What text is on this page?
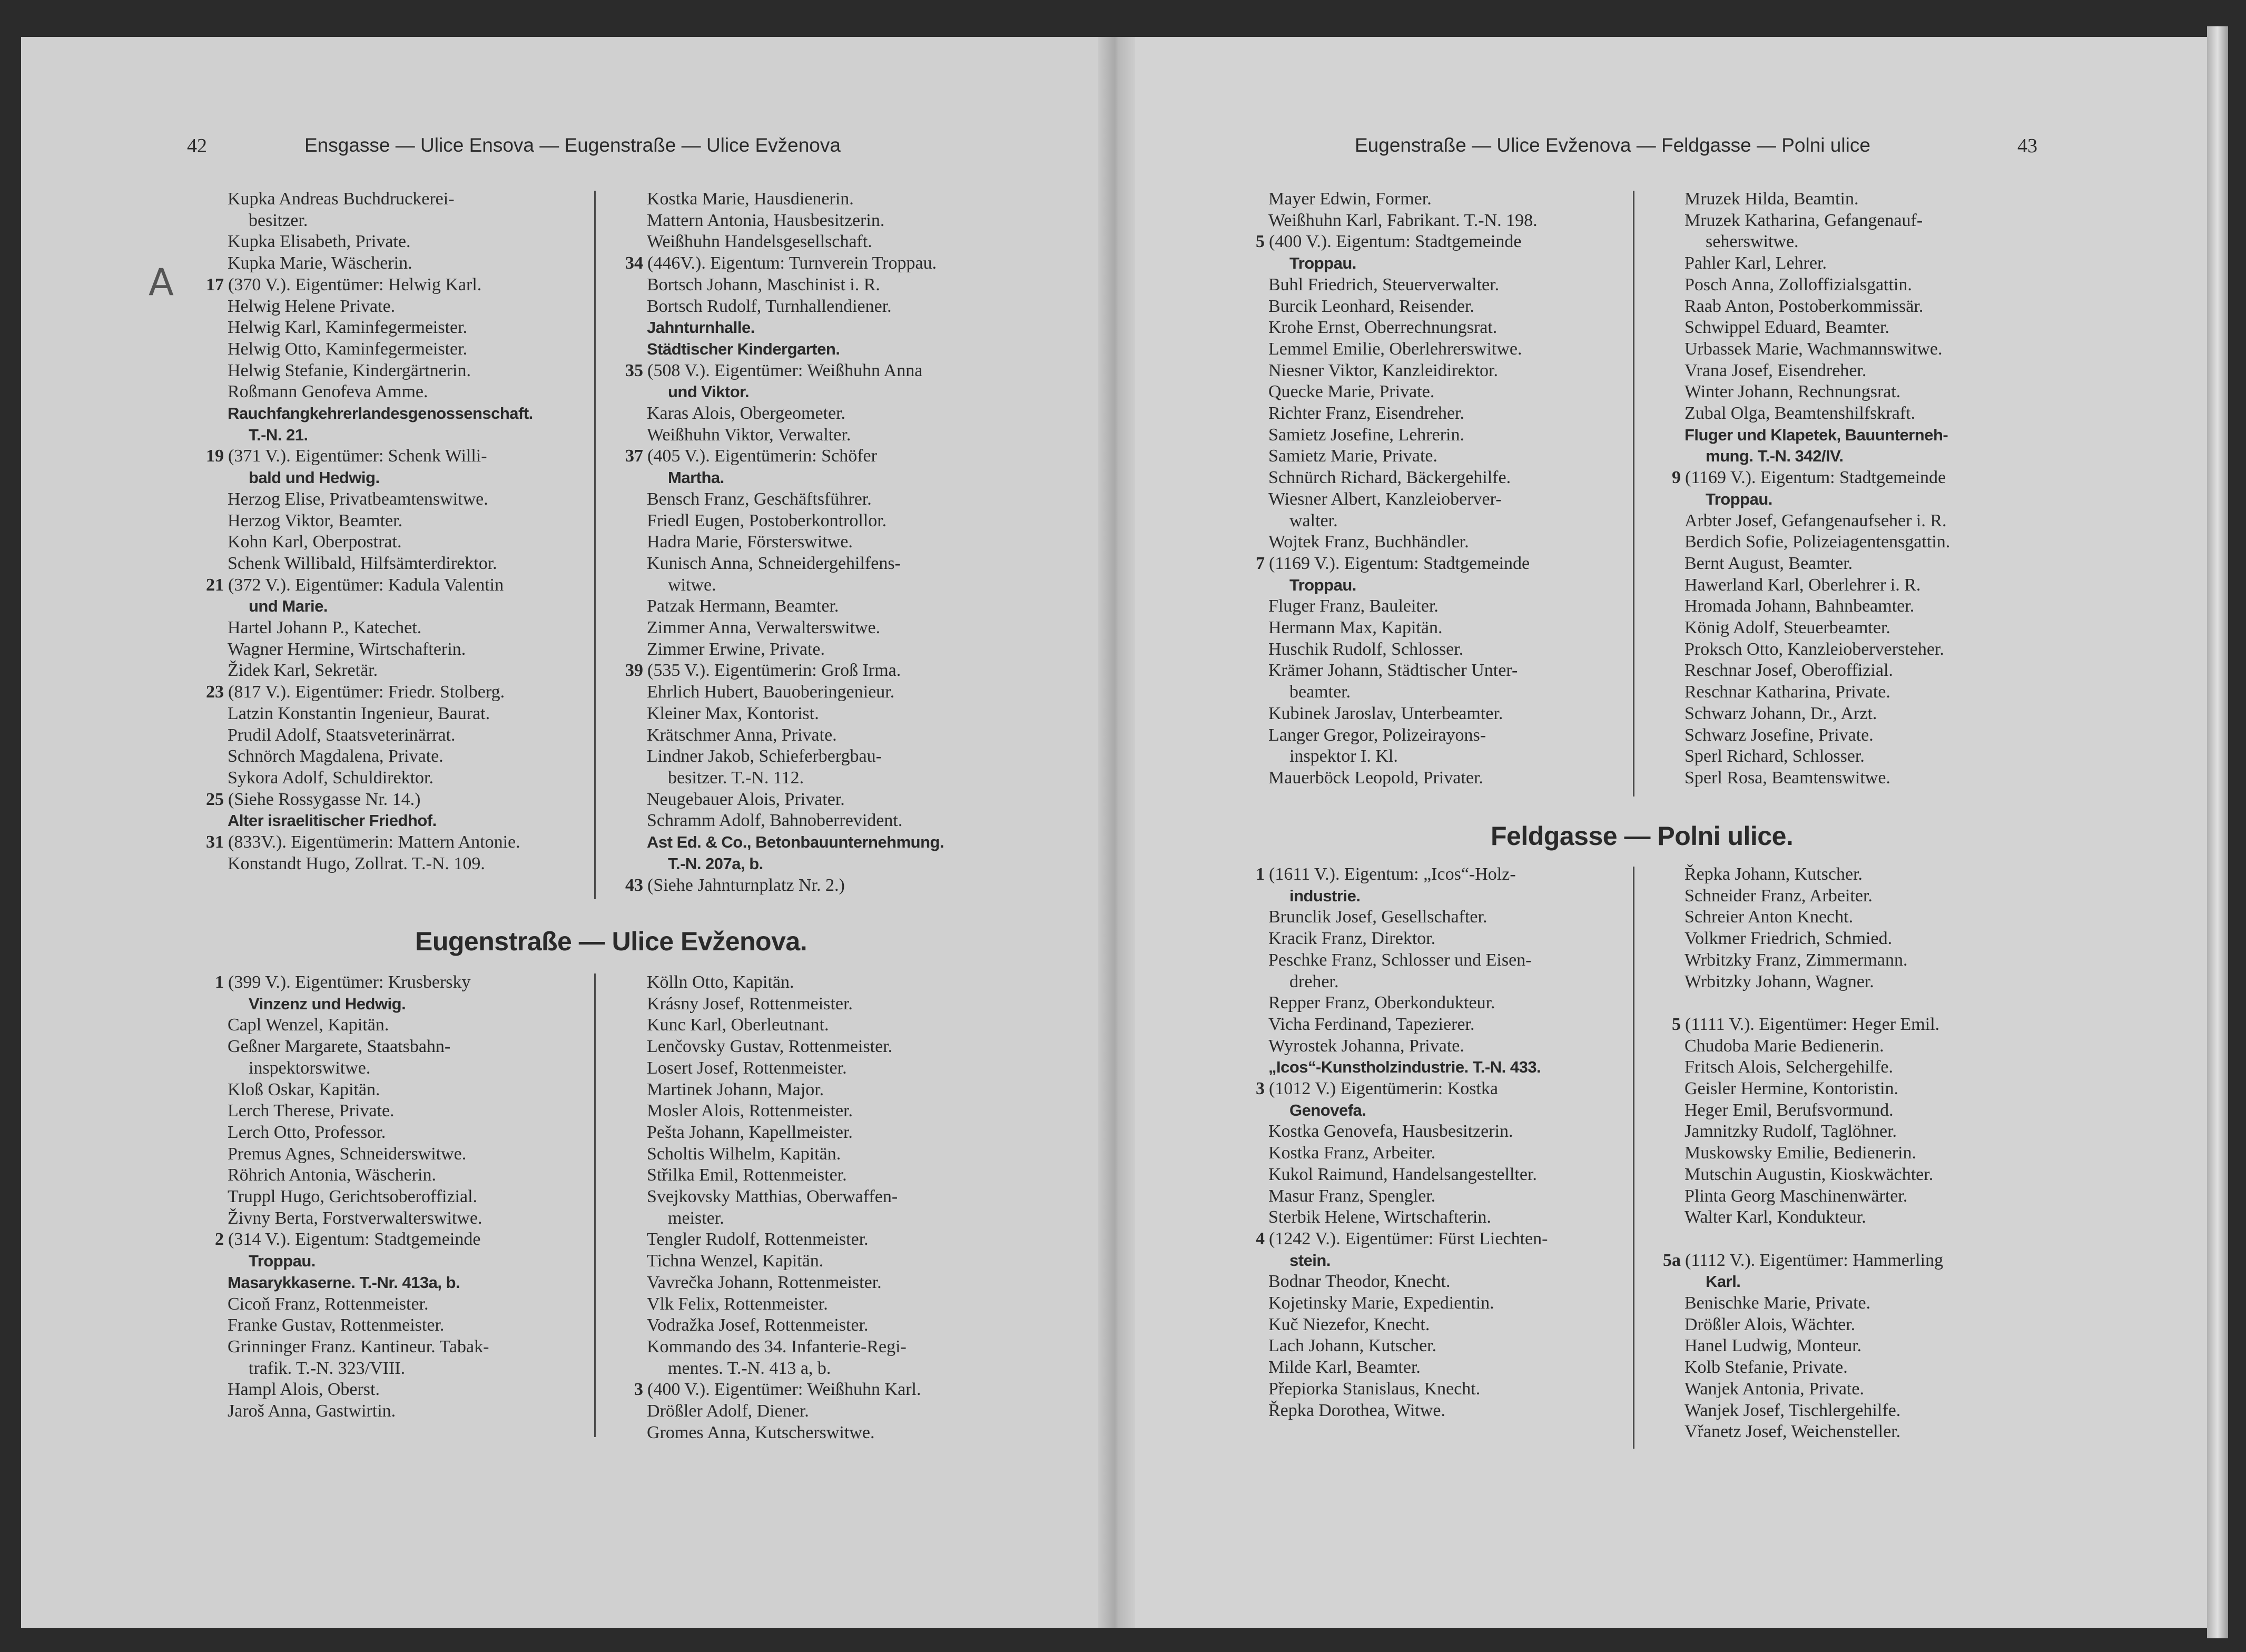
42	Ensgasse — Ulice Ensova — Eugenstraße — Ulice Evženova
A
Kupka Andreas Buchdruckerei-
besitzer.
Kupka Elisabeth, Private.
Kupka Marie, Wäscherin.
17 (370 V.). Eigentümer: Helwig Karl.
Helwig Helene Private.
Helwig Karl, Kaminfegermeister.
Helwig Otto, Kaminfegermeister.
Helwig Stefanie, Kindergärtnerin.
Roßmann Genofeva Amme.
Rauchfangkehrerlandesgenossenschaft.
T.-N. 21.
19 (371 V.). Eigentümer: Schenk Willi-
bald und Hedwig.
Herzog Elise, Privatbeamtenswitwe.
Herzog Viktor, Beamter.
Kohn Karl, Oberpostrat.
Schenk Willibald, Hilfsämterdirektor.
21 (372 V.). Eigentümer: Kadula Valentin
und Marie.
Hartel Johann P., Katechet.
Wagner Hermine, Wirtschafterin.
Židek Karl, Sekretär.
23 (817 V.). Eigentümer: Friedr. Stolberg.
Latzin Konstantin Ingenieur, Baurat.
Prudil Adolf, Staatsveterinärrat.
Schnörch Magdalena, Private.
Sykora Adolf, Schuldirektor.
25 (Siehe Rossygasse Nr. 14.)
Alter israelitischer Friedhof.
31 (833V.). Eigentümerin: Mattern Antonie.
Konstandt Hugo, Zollrat. T.-N. 109.
Kostka Marie, Hausdienerin.
Mattern Antonia, Hausbesitzerin.
Weißhuhn Handelsgesellschaft.
34 (446V.). Eigentum: Turnverein Troppau.
Bortsch Johann, Maschinist i. R.
Bortsch Rudolf, Turnhallendiener.
Jahnturnhalle.
Städtischer Kindergarten.
35 (508 V.). Eigentümer: Weißhuhn Anna
und Viktor.
Karas Alois, Obergeometer.
Weißhuhn Viktor, Verwalter.
37 (405 V.). Eigentümerin: Schöfer
Martha.
Bensch Franz, Geschäftsführer.
Friedl Eugen, Postoberkontrollor.
Hadra Marie, Försterswitwe.
Kunisch Anna, Schneidergehilfens-
witwe.
Patzak Hermann, Beamter.
Zimmer Anna, Verwalterswitwe.
Zimmer Erwine, Private.
39 (535 V.). Eigentümerin: Groß Irma.
Ehrlich Hubert, Bauoberingenieur.
Kleiner Max, Kontorist.
Krätschmer Anna, Private.
Lindner Jakob, Schieferbergbau-
besitzer. T.-N. 112.
Neugebauer Alois, Privater.
Schramm Adolf, Bahnoberrevident.
Ast Ed. & Co., Betonbauunternehmung.
T.-N. 207a, b.
43 (Siehe Jahnturnplatz Nr. 2.)
Eugenstraße — Ulice Evženova.
1 (399 V.). Eigentümer: Krusbersky
Vinzenz und Hedwig.
Capl Wenzel, Kapitän.
Geßner Margarete, Staatsbahn-
inspektorswitwe.
Kloß Oskar, Kapitän.
Lerch Therese, Private.
Lerch Otto, Professor.
Premus Agnes, Schneiderswitwe.
Röhrich Antonia, Wäscherin.
Truppl Hugo, Gerichtsoberoffizial.
Živny Berta, Forstverwalterswitwe.
2 (314 V.). Eigentum: Stadtgemeinde
Troppau.
Masarykkaserne. T.-Nr. 413a, b.
Cicoň Franz, Rottenmeister.
Franke Gustav, Rottenmeister.
Grinninger Franz. Kantineur. Tabak-
trafik. T.-N. 323/VIII.
Hampl Alois, Oberst.
Jaroš Anna, Gastwirtin.
Kölln Otto, Kapitän.
Krásny Josef, Rottenmeister.
Kunc Karl, Oberleutnant.
Lenčovsky Gustav, Rottenmeister.
Losert Josef, Rottenmeister.
Martinek Johann, Major.
Mosler Alois, Rottenmeister.
Pešta Johann, Kapellmeister.
Scholtis Wilhelm, Kapitän.
Střilka Emil, Rottenmeister.
Svejkovsky Matthias, Oberwaffen-
meister.
Tengler Rudolf, Rottenmeister.
Tichna Wenzel, Kapitän.
Vavrečka Johann, Rottenmeister.
Vlk Felix, Rottenmeister.
Vodražka Josef, Rottenmeister.
Kommando des 34. Infanterie-Regi-
mentes. T.-N. 413 a, b.
3 (400 V.). Eigentümer: Weißhuhn Karl.
Drößler Adolf, Diener.
Gromes Anna, Kutscherswitwe.
Eugenstraße — Ulice Evženova — Feldgasse — Polni ulice	43
Mayer Edwin, Former.
Weißhuhn Karl, Fabrikant. T.-N. 198.
5 (400 V.). Eigentum: Stadtgemeinde
Troppau.
Buhl Friedrich, Steuerverwalter.
Burcik Leonhard, Reisender.
Krohe Ernst, Oberrechnungsrat.
Lemmel Emilie, Oberlehrerswitwe.
Niesner Viktor, Kanzleidirektor.
Quecke Marie, Private.
Richter Franz, Eisendreher.
Samietz Josefine, Lehrerin.
Samietz Marie, Private.
Schnürch Richard, Bäckergehilfe.
Wiesner Albert, Kanzleioberver-
walter.
Wojtek Franz, Buchhändler.
7 (1169 V.). Eigentum: Stadtgemeinde
Troppau.
Fluger Franz, Bauleiter.
Hermann Max, Kapitän.
Huschik Rudolf, Schlosser.
Krämer Johann, Städtischer Unter-
beamter.
Kubinek Jaroslav, Unterbeamter.
Langer Gregor, Polizeirayons-
inspektor I. Kl.
Mauerböck Leopold, Privater.
Mruzek Hilda, Beamtin.
Mruzek Katharina, Gefangenauf-
seherswitwe.
Pahler Karl, Lehrer.
Posch Anna, Zolloffizialsgattin.
Raab Anton, Postoberkommissär.
Schwippel Eduard, Beamter.
Urbassek Marie, Wachmannswitwe.
Vrana Josef, Eisendreher.
Winter Johann, Rechnungsrat.
Zubal Olga, Beamtenshilfskraft.
Fluger und Klapetek, Bauunterneh-
mung. T.-N. 342/IV.
9 (1169 V.). Eigentum: Stadtgemeinde
Troppau.
Arbter Josef, Gefangenaufseher i. R.
Berdich Sofie, Polizeiagentensgattin.
Bernt August, Beamter.
Hawerland Karl, Oberlehrer i. R.
Hromada Johann, Bahnbeamter.
König Adolf, Steuerbeamter.
Proksch Otto, Kanzleioberversteher.
Reschnar Josef, Oberoffizial.
Reschnar Katharina, Private.
Schwarz Johann, Dr., Arzt.
Schwarz Josefine, Private.
Sperl Richard, Schlosser.
Sperl Rosa, Beamtenswitwe.
Feldgasse — Polni ulice.
1 (1611 V.). Eigentum: „Icos“-Holz-
industrie.
Brunclik Josef, Gesellschafter.
Kracik Franz, Direktor.
Peschke Franz, Schlosser und Eisen-
dreher.
Repper Franz, Oberkondukteur.
Vicha Ferdinand, Tapezierer.
Wyrostek Johanna, Private.
„Icos“-Kunstholzindustrie. T.-N. 433.
3 (1012 V.) Eigentümerin: Kostka
Genovefa.
Kostka Genovefa, Hausbesitzerin.
Kostka Franz, Arbeiter.
Kukol Raimund, Handelsangestellter.
Masur Franz, Spengler.
Sterbik Helene, Wirtschafterin.
4 (1242 V.). Eigentümer: Fürst Liechten-
stein.
Bodnar Theodor, Knecht.
Kojetinsky Marie, Expedientin.
Kuč Niezefor, Knecht.
Lach Johann, Kutscher.
Milde Karl, Beamter.
Přepiorka Stanislaus, Knecht.
Řepka Dorothea, Witwe.
Řepka Johann, Kutscher.
Schneider Franz, Arbeiter.
Schreier Anton Knecht.
Volkmer Friedrich, Schmied.
Wrbitzky Franz, Zimmermann.
Wrbitzky Johann, Wagner.

5 (1111 V.). Eigentümer: Heger Emil.
Chudoba Marie Bedienerin.
Fritsch Alois, Selchergehilfe.
Geisler Hermine, Kontoristin.
Heger Emil, Berufsvormund.
Jamnitzky Rudolf, Taglöhner.
Muskowsky Emilie, Bedienerin.
Mutschin Augustin, Kioskwächter.
Plinta Georg Maschinenwärter.
Walter Karl, Kondukteur.

5a (1112 V.). Eigentümer: Hammerling
Karl.
Benischke Marie, Private.
Drößler Alois, Wächter.
Hanel Ludwig, Monteur.
Kolb Stefanie, Private.
Wanjek Antonia, Private.
Wanjek Josef, Tischlergehilfe.
Vřanetz Josef, Weichensteller.
